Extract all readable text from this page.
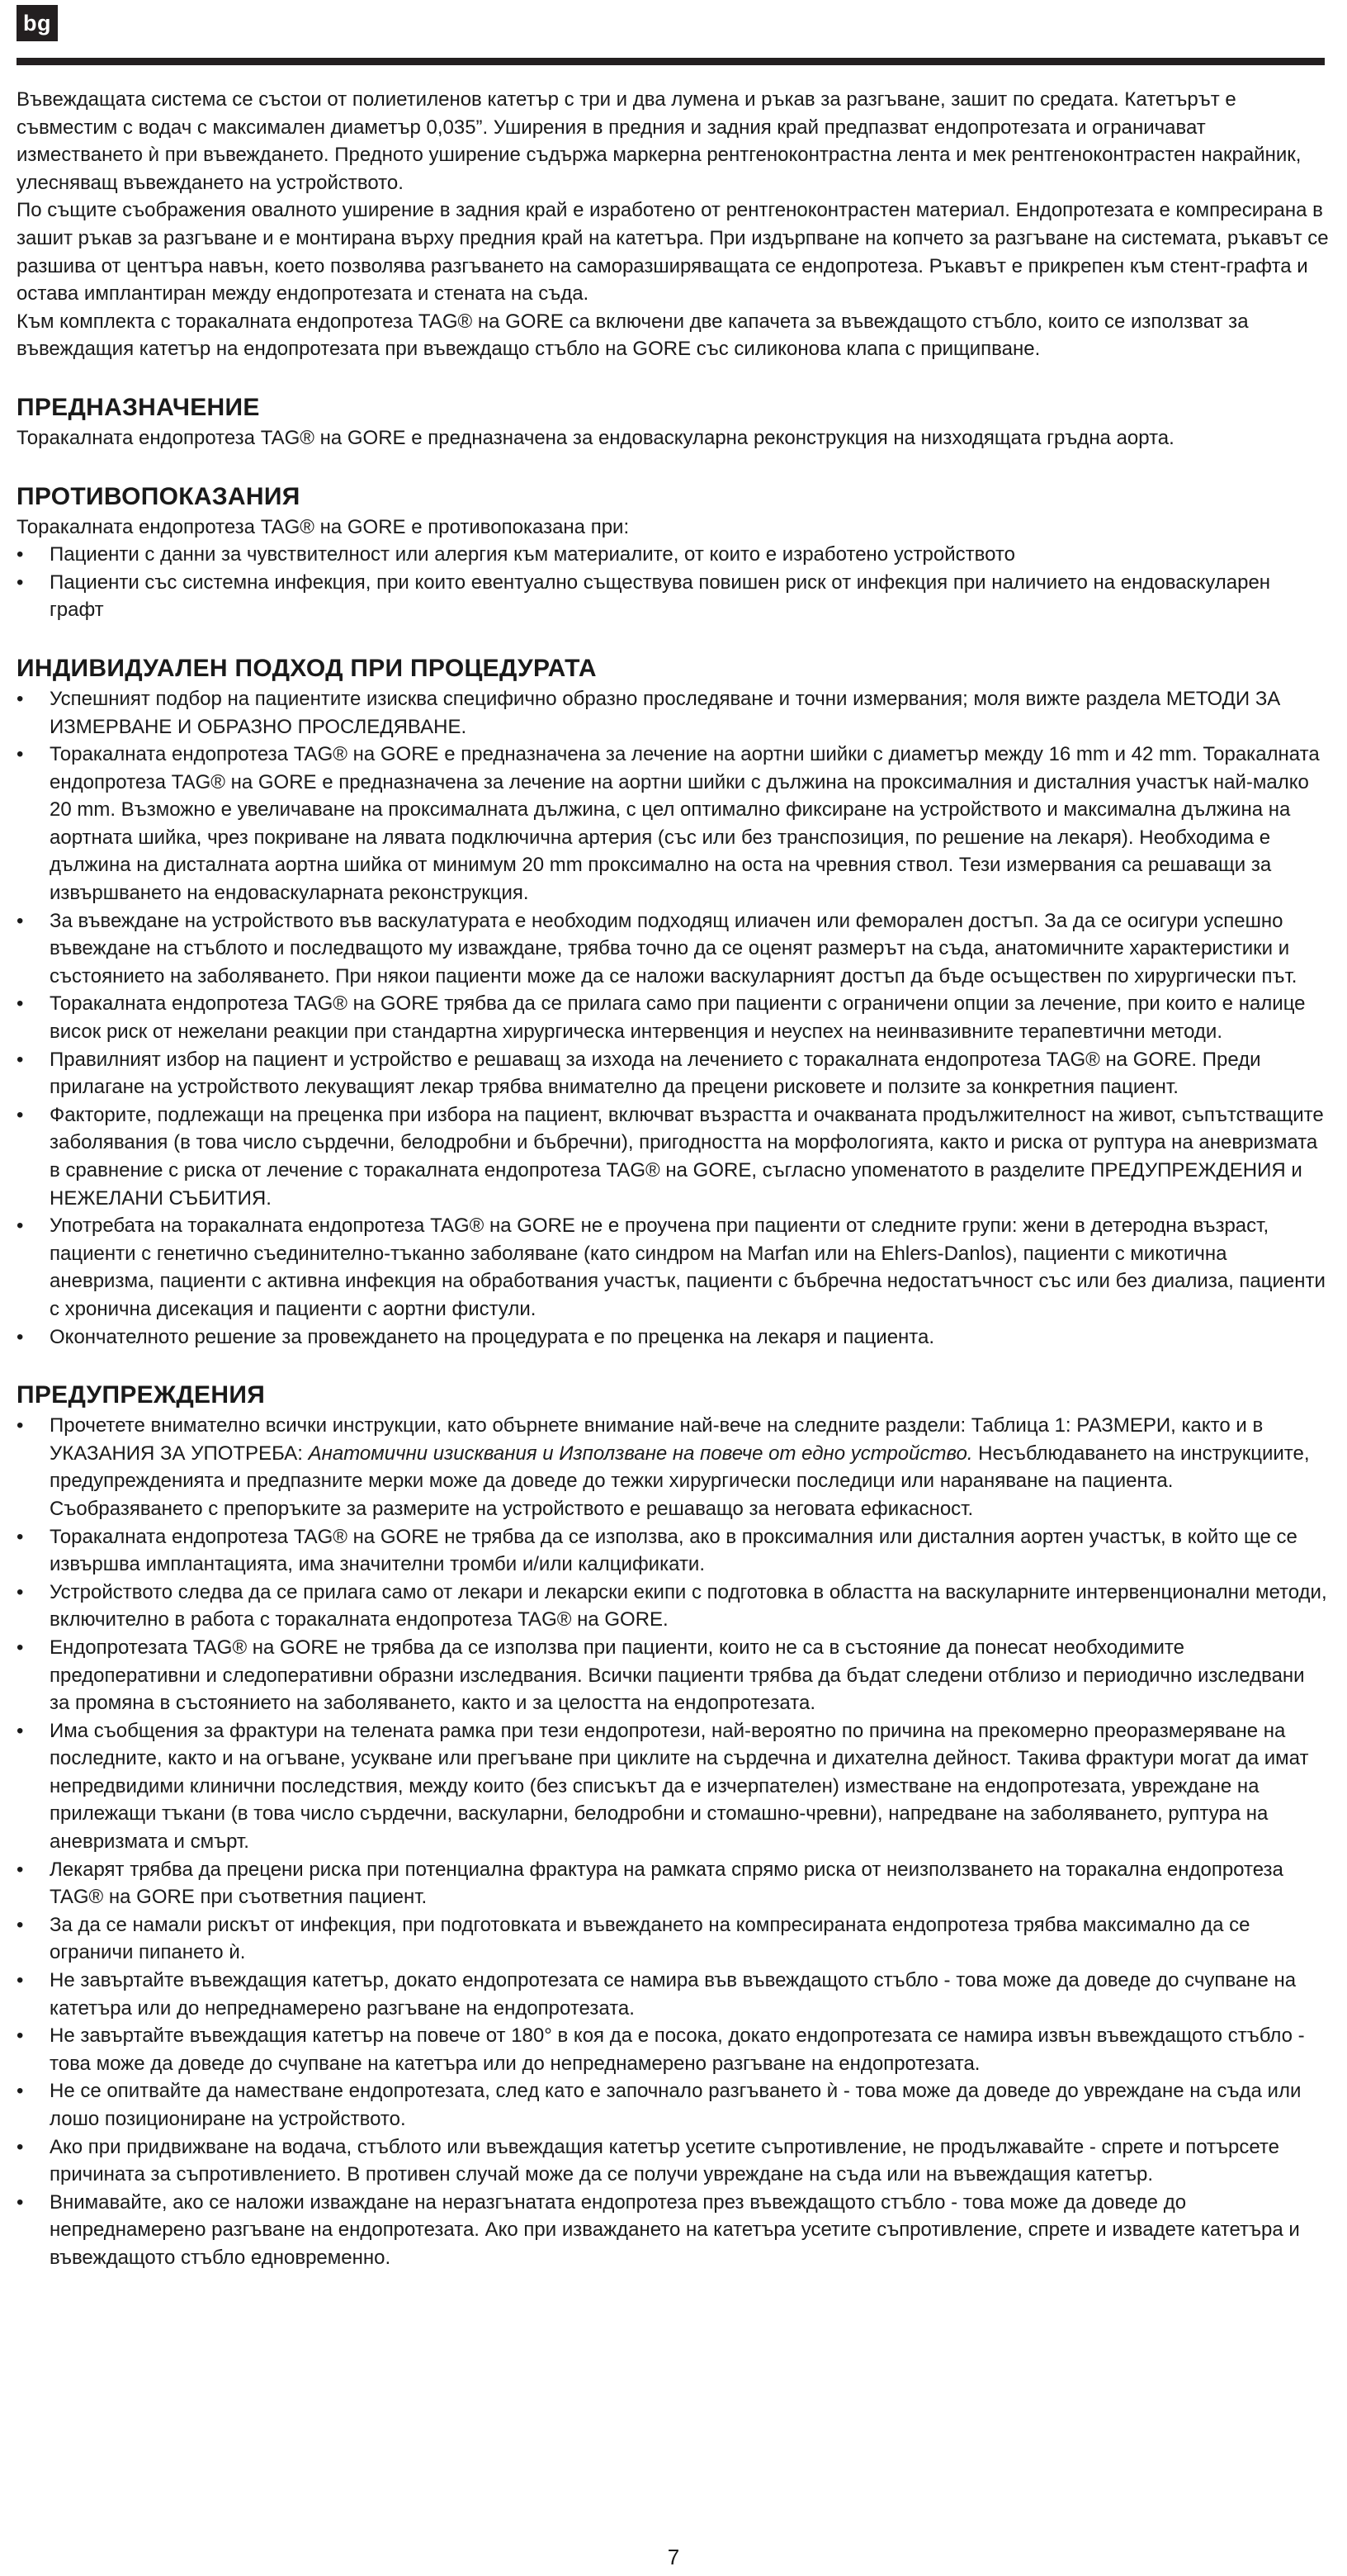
bg

Въвеждащата система се състои от полиетиленов катетър с три и два лумена и ръкав за разгъване, зашит по средата. Катетърът е съвместим с водач с максимален диаметър 0,035”. Уширения в предния и задния край предпазват ендопротезата и ограничават изместването ѝ при въвеждането. Предното уширение съдържа маркерна рентгеноконтрастна лента и мек рентгеноконтрастен накрайник, улесняващ въвеждането на устройството.

По същите съображения овалното уширение в задния край е изработено от рентгеноконтрастен материал. Ендопротезата е компресирана в зашит ръкав за разгъване и е монтирана върху предния край на катетъра. При издърпване на копчето за разгъване на системата, ръкавът се разшива от центъра навън, което позволява разгъването на саморазширяващата се ендопротеза. Ръкавът е прикрепен към стент-графта и остава имплантиран между ендопротезата и стената на съда.

Към комплекта с торакалната ендопротеза TAG® на GORE са включени две капачета за въвеждащото стъбло, които се използват за въвеждащия катетър на ендопротезата при въвеждащо стъбло на GORE със силиконова клапа с прищипване.

ПРЕДНАЗНАЧЕНИЕ

Торакалната ендопротеза TAG® на GORE е предназначена за ендоваскуларна реконструкция на низходящата гръдна аорта.

ПРОТИВОПОКАЗАНИЯ

Торакалната ендопротеза TAG® на GORE е противопоказана при:

• Пациенти с данни за чувствителност или алергия към материалите, от които е изработено устройството
• Пациенти със системна инфекция, при които евентуално съществува повишен риск от инфекция при наличието на ендоваскуларен графт
ИНДИВИДУАЛЕН ПОДХОД ПРИ ПРОЦЕДУРАТА
• Успешният подбор на пациентите изисква специфично образно проследяване и точни измервания; моля вижте раздела МЕТОДИ ЗА ИЗМЕРВАНЕ И ОБРАЗНО ПРОСЛЕДЯВАНЕ.
• Торакалната ендопротеза TAG® на GORE е предназначена за лечение на аортни шийки с диаметър между 16 mm и 42 mm. Торакалната ендопротеза TAG® на GORE е предназначена за лечение на аортни шийки с дължина на проксималния и дисталния участък най-малко 20 mm. Възможно е увеличаване на проксималната дължина, с цел оптимално фиксиране на устройството и максимална дължина на аортната шийка, чрез покриване на лявата подключична артерия (със или без транспозиция, по решение на лекаря). Необходима е дължина на дисталната аортна шийка от минимум 20 mm проксимално на оста на чревния ствол. Тези измервания са решаващи за извършването на ендоваскуларната реконструкция.
• За въвеждане на устройството във васкулатурата е необходим подходящ илиачен или феморален достъп. За да се осигури успешно въвеждане на стъблото и последващото му изваждане, трябва точно да се оценят размерът на съда, анатомичните характеристики и състоянието на заболяването. При някои пациенти може да се наложи васкуларният достъп да бъде осъществен по хирургически път.
• Торакалната ендопротеза TAG® на GORE трябва да се прилага само при пациенти с ограничени опции за лечение, при които е налице висок риск от нежелани реакции при стандартна хирургическа интервенция и неуспех на неинвазивните терапевтични методи.
• Правилният избор на пациент и устройство е решаващ за изхода на лечението с торакалната ендопротеза TAG® на GORE. Преди прилагане на устройството лекуващият лекар трябва внимателно да прецени рисковете и ползите за конкретния пациент.
• Факторите, подлежащи на преценка при избора на пациент, включват възрастта и очакваната продължителност на живот, съпътстващите заболявания (в това число сърдечни, белодробни и бъбречни), пригодността на морфологията, както и риска от руптура на аневризмата в сравнение с риска от лечение с торакалната ендопротеза TAG® на GORE, съгласно упоменатото в разделите ПРЕДУПРЕЖДЕНИЯ и НЕЖЕЛАНИ СЪБИТИЯ.
• Употребата на торакалната ендопротеза TAG® на GORE не е проучена при пациенти от следните групи: жени в детеродна възраст, пациенти с генетично съединително-тъканно заболяване (като синдром на Marfan или на Ehlers-Danlos), пациенти с микотична аневризма, пациенти с активна инфекция на обработвания участък, пациенти с бъбречна недостатъчност със или без диализа, пациенти с хронична дисекация и пациенти с аортни фистули.
• Окончателното решение за провеждането на процедурата е по преценка на лекаря и пациента.
ПРЕДУПРЕЖДЕНИЯ
• Прочетете внимателно всички инструкции, като обърнете внимание най-вече на следните раздели: Таблица 1: РАЗМЕРИ, както и в УКАЗАНИЯ ЗА УПОТРЕБА: Анатомични изисквания и Използване на повече от едно устройство. Несъблюдаването на инструкциите, предупрежденията и предпазните мерки може да доведе до тежки хирургически последици или нараняване на пациента. Съобразяването с препоръките за размерите на устройството е решаващо за неговата ефикасност.
• Торакалната ендопротеза TAG® на GORE не трябва да се използва, ако в проксималния или дисталния аортен участък, в който ще се извършва имплантацията, има значителни тромби и/или калцификати.
• Устройството следва да се прилага само от лекари и лекарски екипи с подготовка в областта на васкуларните интервенционални методи, включително в работа с торакалната ендопротеза TAG® на GORE.
• Ендопротезата TAG® на GORE не трябва да се използва при пациенти, които не са в състояние да понесат необходимите предоперативни и следоперативни образни изследвания. Всички пациенти трябва да бъдат следени отблизо и периодично изследвани за промяна в състоянието на заболяването, както и за целостта на ендопротезата.
• Има съобщения за фрактури на телената рамка при тези ендопротези, най-вероятно по причина на прекомерно преоразмеряване на последните, както и на огъване, усукване или прегъване при циклите на сърдечна и дихателна дейност. Такива фрактури могат да имат непредвидими клинични последствия, между които (без списъкът да е изчерпателен) изместване на ендопротезата, увреждане на прилежащи тъкани (в това число сърдечни, васкуларни, белодробни и стомашно-чревни), напредване на заболяването, руптура на аневризмата и смърт.
• Лекарят трябва да прецени риска при потенциална фрактура на рамката спрямо риска от неизползването на торакална ендопротеза TAG® на GORE при съответния пациент.
• За да се намали рискът от инфекция, при подготовката и въвеждането на компресираната ендопротеза трябва максимално да се ограничи пипането ѝ.
• Не завъртайте въвеждащия катетър, докато ендопротезата се намира във въвеждащото стъбло - това може да доведе до счупване на катетъра или до непреднамерено разгъване на ендопротезата.
• Не завъртайте въвеждащия катетър на повече от 180° в коя да е посока, докато ендопротезата се намира извън въвеждащото стъбло - това може да доведе до счупване на катетъра или до непреднамерено разгъване на ендопротезата.
• Не се опитвайте да наместване ендопротезата, след като е започнало разгъването ѝ - това може да доведе до увреждане на съда или лошо позициониране на устройството.
• Ако при придвижване на водача, стъблото или въвеждащия катетър усетите съпротивление, не продължавайте - спрете и потърсете причината за съпротивлението. В противен случай може да се получи увреждане на съда или на въвеждащия катетър.
• Внимавайте, ако се наложи изваждане на неразгънатата ендопротеза през въвеждащото стъбло - това може да доведе до непреднамерено разгъване на ендопротезата. Ако при изваждането на катетъра усетите съпротивление, спрете и извадете катетъра и въвеждащото стъбло едновременно.
7
